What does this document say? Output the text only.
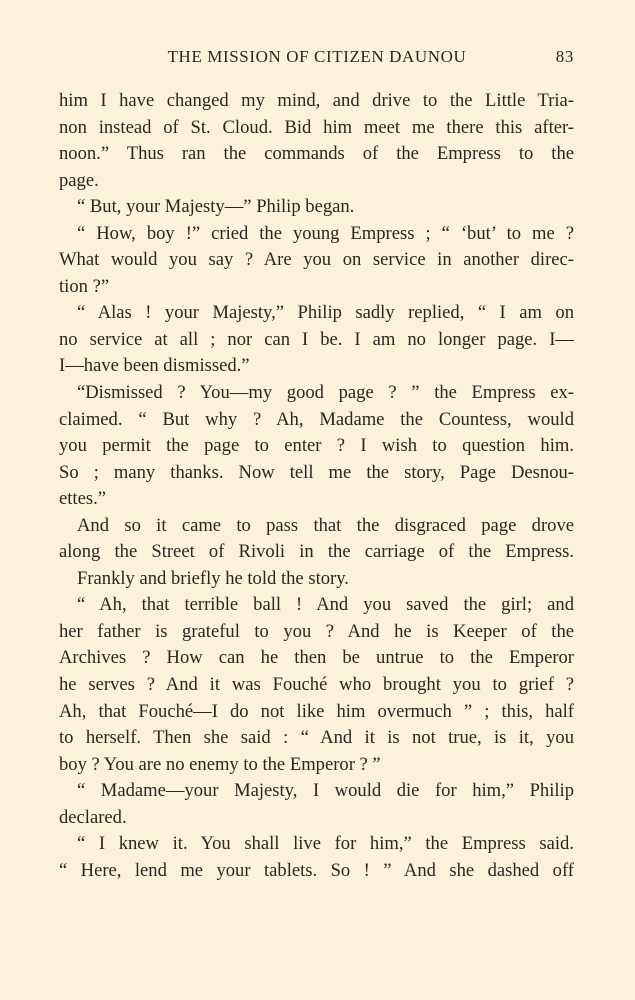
THE MISSION OF CITIZEN DAUNOU	83
him I have changed my mind, and drive to the Little Tria-
non instead of St. Cloud. Bid him meet me there this after-
noon.” Thus ran the commands of the Empress to the
page.
“ But, your Majesty—” Philip began.
“ How, boy !” cried the young Empress ; “ ‘but’ to me ?
What would you say ? Are you on service in another direc-
tion ?”
“ Alas ! your Majesty,” Philip sadly replied, “ I am on
no service at all ; nor can I be. I am no longer page. I—
I—have been dismissed.”
“Dismissed ? You—my good page ? ” the Empress ex-
claimed. “ But why ? Ah, Madame the Countess, would
you permit the page to enter ? I wish to question him.
So ; many thanks. Now tell me the story, Page Desnou-
ettes.”
And so it came to pass that the disgraced page drove
along the Street of Rivoli in the carriage of the Empress.
Frankly and briefly he told the story.
“ Ah, that terrible ball ! And you saved the girl; and
her father is grateful to you ? And he is Keeper of the
Archives ? How can he then be untrue to the Emperor
he serves ? And it was Fouché who brought you to grief ?
Ah, that Fouché—I do not like him overmuch ” ; this, half
to herself. Then she said : “ And it is not true, is it, you
boy ? You are no enemy to the Emperor ? ”
“ Madame—your Majesty, I would die for him,” Philip
declared.
“ I knew it. You shall live for him,” the Empress said.
“ Here, lend me your tablets. So ! ” And she dashed off
